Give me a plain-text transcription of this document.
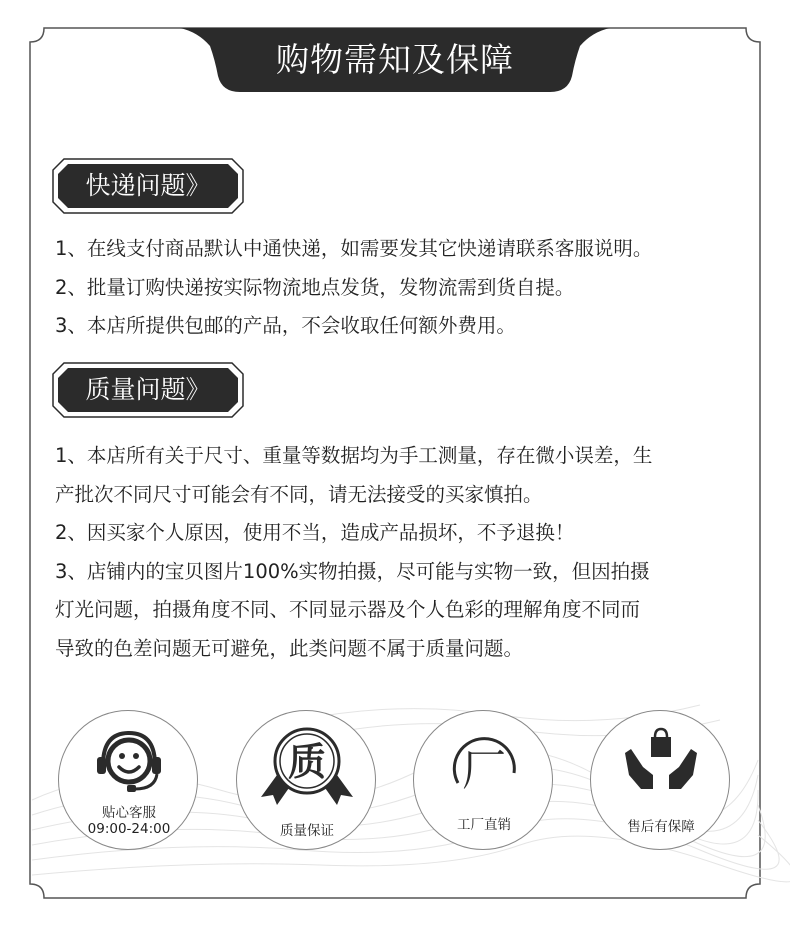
购物需知及保障
快递问题》

1、在线支付商品默认中通快递，如需要发其它快递请联系客服说明。

2、批量订购快递按实际物流地点发货，发物流需到货自提。

3、本店所提供包邮的产品，不会收取任何额外费用。

质量问题》

1、本店所有关于尺寸、重量等数据均为手工测量，存在微小误差，生

产批次不同尺寸可能会有不同，请无法接受的买家慎拍。

2、因买家个人原因，使用不当，造成产品损坏，不予退换！

3、店铺内的宝贝图片100%实物拍摄，尽可能与实物一致，但因拍摄

灯光问题，拍摄角度不同、不同显示器及个人色彩的理解角度不同而

导致的色差问题无可避免，此类问题不属于质量问题。

贴心客服
09:00-24:00
质
质量保证
厂
工厂直销	售后有保障
